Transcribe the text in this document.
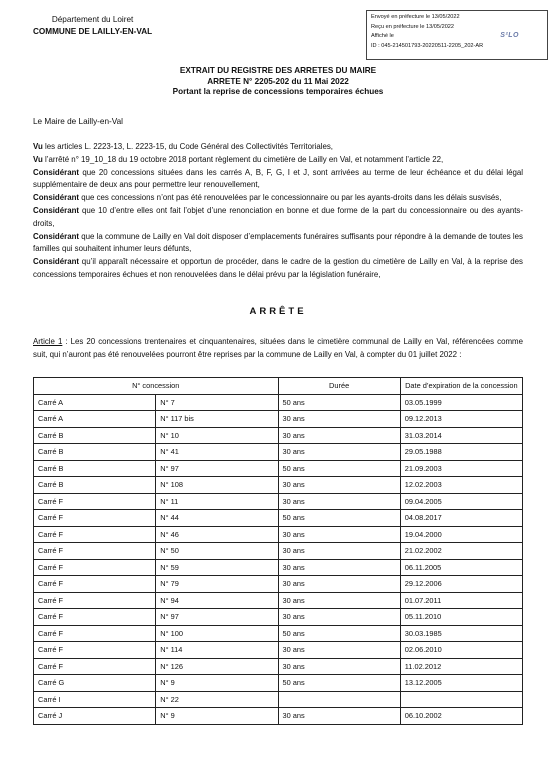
Département du Loiret
COMMUNE DE LAILLY-EN-VAL
Envoyé en préfecture le 13/05/2022
Reçu en préfecture le 13/05/2022
Affiché le
ID : 045-214501793-20220511-2205_202-AR
S²LO
EXTRAIT DU REGISTRE DES ARRETES DU MAIRE
ARRETE N° 2205-202 du 11 Mai 2022
Portant la reprise de concessions temporaires échues
Le Maire de Lailly-en-Val

Vu les articles L. 2223-13, L. 2223-15, du Code Général des Collectivités Territoriales,

Vu l’arrêté n° 19_10_18 du 19 octobre 2018 portant règlement du cimetière de Lailly en Val, et notamment l’article 22,

Considérant que 20 concessions situées dans les carrés A, B, F, G, I et J, sont arrivées au terme de leur échéance et du délai légal supplémentaire de deux ans pour permettre leur renouvellement,

Considérant que ces concessions n’ont pas été renouvelées par le concessionnaire ou par les ayants-droits dans les délais susvisés,

Considérant que 10 d’entre elles ont fait l’objet d’une renonciation en bonne et due forme de la part du concessionnaire ou des ayants-droits,

Considérant que la commune de Lailly en Val doit disposer d’emplacements funéraires suffisants pour répondre à la demande de toutes les familles qui souhaitent inhumer leurs défunts,

Considérant qu’il apparaît nécessaire et opportun de procéder, dans le cadre de la gestion du cimetière de Lailly en Val, à la reprise des concessions temporaires échues et non renouvelées dans le délai prévu par la législation funéraire,

ARRÊTE
Article 1 : Les 20 concessions trentenaires et cinquantenaires, situées dans le cimetière communal de Lailly en Val, référencées comme suit, qui n’auront pas été renouvelées pourront être reprises par la commune de Lailly en Val, à compter du 01 juillet 2022 :
N° concession		Durée	Date d’expiration de la concession
Carré A	N° 7	50 ans	03.05.1999
Carré A	N° 117 bis	30 ans	09.12.2013
Carré B	N° 10	30 ans	31.03.2014
Carré B	N° 41	30 ans	29.05.1988
Carré B	N° 97	50 ans	21.09.2003
Carré B	N° 108	30 ans	12.02.2003
Carré F	N° 11	30 ans	09.04.2005
Carré F	N° 44	50 ans	04.08.2017
Carré F	N° 46	30 ans	19.04.2000
Carré F	N° 50	30 ans	21.02.2002
Carré F	N° 59	30 ans	06.11.2005
Carré F	N° 79	30 ans	29.12.2006
Carré F	N° 94	30 ans	01.07.2011
Carré F	N° 97	30 ans	05.11.2010
Carré F	N° 100	50 ans	30.03.1985
Carré F	N° 114	30 ans	02.06.2010
Carré F	N° 126	30 ans	11.02.2012
Carré G	N° 9	50 ans	13.12.2005
Carré I	N° 22		
Carré J	N° 9	30 ans	06.10.2002
